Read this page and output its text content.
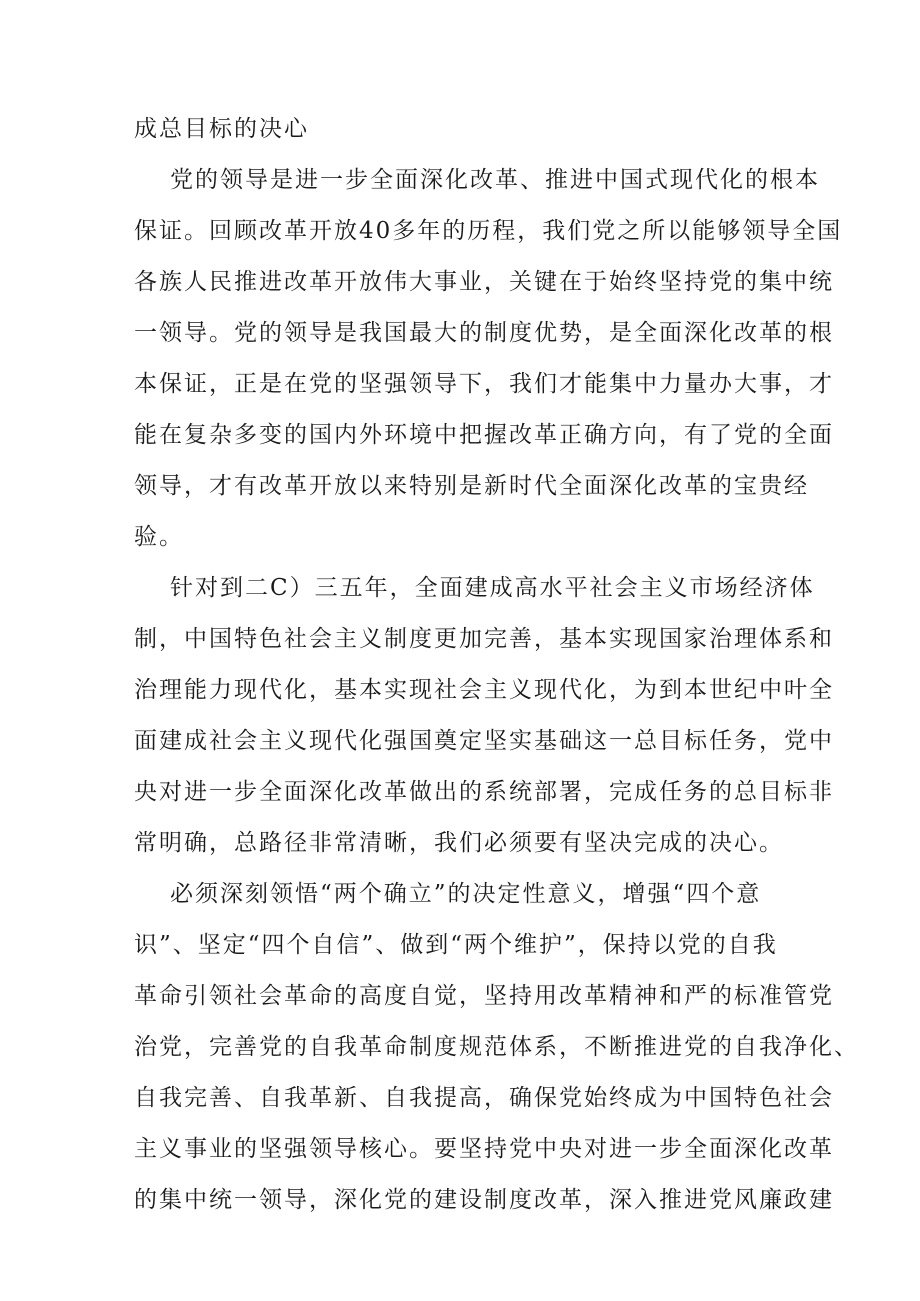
成总目标的决心
党的领导是进一步全面深化改革、推进中国式现代化的根本
保证。回顾改革开放40多年的历程，我们党之所以能够领导全国
各族人民推进改革开放伟大事业，关键在于始终坚持党的集中统
一领导。党的领导是我国最大的制度优势，是全面深化改革的根
本保证，正是在党的坚强领导下，我们才能集中力量办大事，才
能在复杂多变的国内外环境中把握改革正确方向，有了党的全面
领导，才有改革开放以来特别是新时代全面深化改革的宝贵经
验。
针对到二C）三五年，全面建成高水平社会主义市场经济体
制，中国特色社会主义制度更加完善，基本实现国家治理体系和
治理能力现代化，基本实现社会主义现代化，为到本世纪中叶全
面建成社会主义现代化强国奠定坚实基础这一总目标任务，党中
央对进一步全面深化改革做出的系统部署，完成任务的总目标非
常明确，总路径非常清晰，我们必须要有坚决完成的决心。
必须深刻领悟“两个确立”的决定性意义，增强“四个意
识”、坚定“四个自信”、做到“两个维护”，保持以党的自我
革命引领社会革命的高度自觉，坚持用改革精神和严的标准管党
治党，完善党的自我革命制度规范体系，不断推进党的自我净化、
自我完善、自我革新、自我提高，确保党始终成为中国特色社会
主义事业的坚强领导核心。要坚持党中央对进一步全面深化改革
的集中统一领导，深化党的建设制度改革，深入推进党风廉政建
